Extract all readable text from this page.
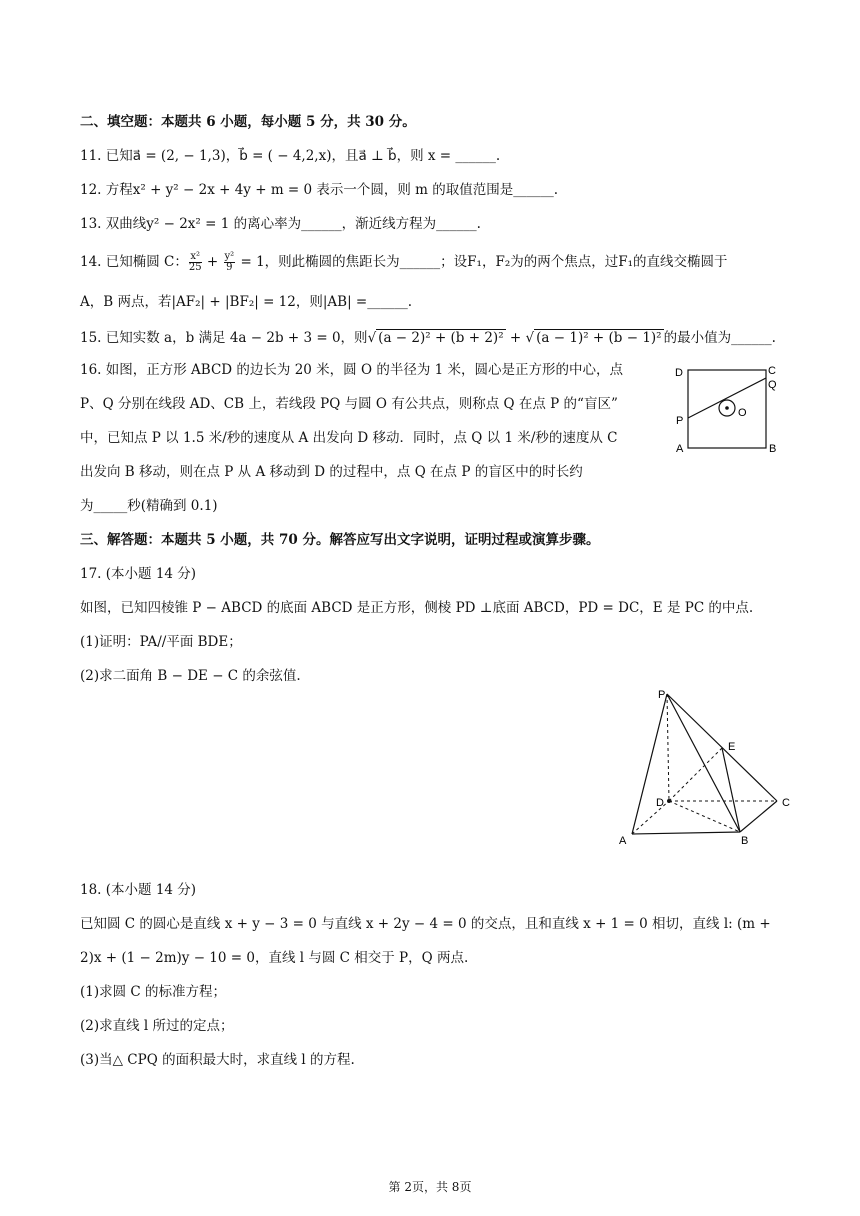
二、填空题：本题共 6 小题，每小题 5 分，共 30 分。
11. 已知a⃗ = (2, − 1,3)，b⃗ = ( − 4,2,x)，且a⃗ ⊥ b⃗，则 x = ______.
12. 方程x² + y² − 2x + 4y + m = 0 表示一个圆，则 m 的取值范围是______.
13. 双曲线y² − 2x² = 1 的离心率为______，渐近线方程为______.
14. 已知椭圆 C： $\frac{\text{x²}}{25} + \frac{\text{y²}}{9} = 1$，则此椭圆的焦距长为______；设F₁，F₂为的两个焦点，过F₁的直线交椭圆于
A，B 两点，若|AF₂| + |BF₂| = 12，则|AB| =______.
15. 已知实数 a，b 满足 4a − 2b + 3 = 0，则√ (a − 2)² + (b + 2)² + √ (a − 1)² + (b − 1)² 的最小值为______.
16. 如图，正方形 ABCD 的边长为 20 米，圆 O 的半径为 1 米，圆心是正方形的中心，点
P、Q 分别在线段 AD、CB 上，若线段 PQ 与圆 O 有公共点，则称点 Q 在点 P 的“盲区”
中，已知点 P 以 1.5 米/秒的速度从 A 出发向 D 移动．同时，点 Q 以 1 米/秒的速度从 C
出发向 B 移动，则在点 P 从 A 移动到 D 的过程中，点 Q 在点 P 的盲区中的时长约
为_____秒(精确到 0.1)
D	C
Q
P
O
A	B
三、解答题：本题共 5 小题，共 70 分。解答应写出文字说明，证明过程或演算步骤。
17. (本小题 14 分)
如图，已知四棱锥 P − ABCD 的底面 ABCD 是正方形，侧棱 PD ⊥底面 ABCD，PD = DC，E 是 PC 的中点.
(1)证明：PA//平面 BDE；
(2)求二面角 B − DE − C 的余弦值.
P
E
D	C
A	B
18. (本小题 14 分)
已知圆 C 的圆心是直线 x + y − 3 = 0 与直线 x + 2y − 4 = 0 的交点，且和直线 x + 1 = 0 相切，直线 l: (m +
2)x + (1 − 2m)y − 10 = 0，直线 l 与圆 C 相交于 P，Q 两点.
(1)求圆 C 的标准方程；
(2)求直线 l 所过的定点；
(3)当△ CPQ 的面积最大时，求直线 l 的方程.
第 2页，共 8页
